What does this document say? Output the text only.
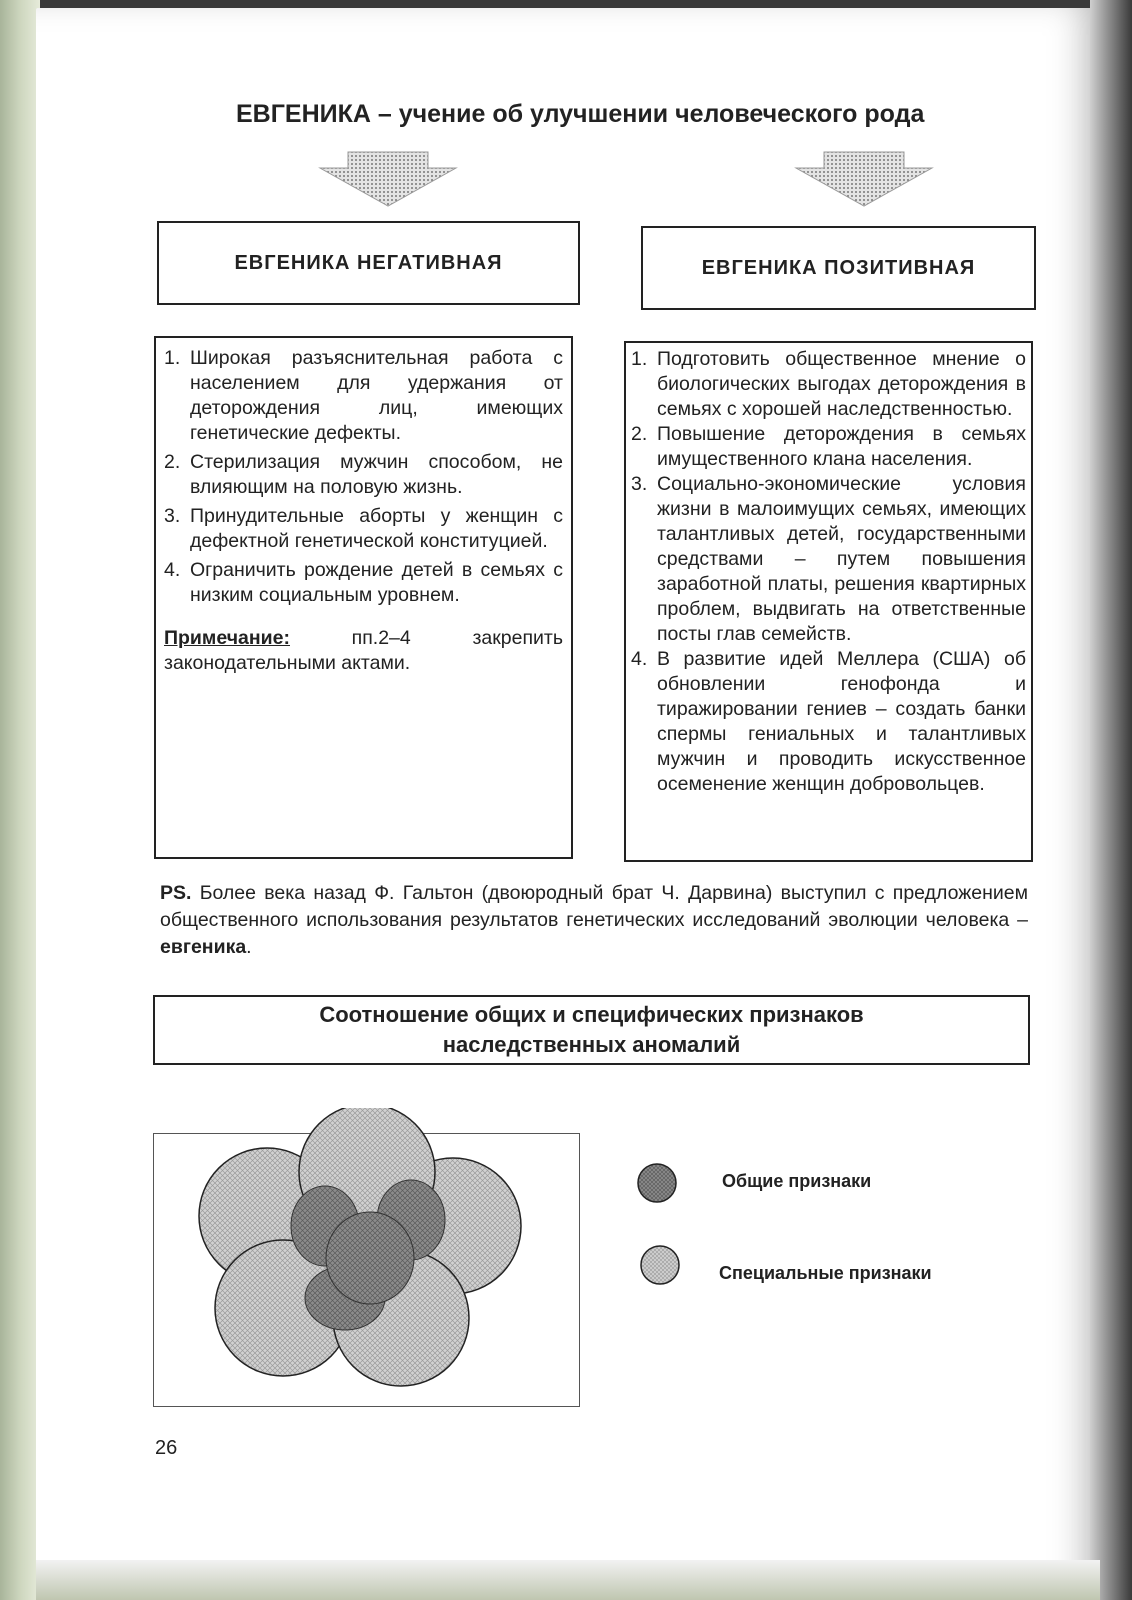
ЕВГЕНИКА – учение об улучшении человеческого рода
ЕВГЕНИКА НЕГАТИВНАЯ	ЕВГЕНИКА ПОЗИТИВНАЯ
1. Широкая разъяснительная работа с населением для удержания от деторождения лиц, имеющих генетические дефекты.
2. Стерилизация мужчин способом, не влияющим на половую жизнь.
3. Принудительные аборты у женщин с дефектной генетической конституцией.
4. Ограничить рождение детей в семьях с низким социальным уровнем.
Примечание: пп.2–4 закрепить законодательными актами.
1. Подготовить общественное мнение о биологических выгодах деторождения в семьях с хорошей наследственностью.
2. Повышение деторождения в семьях имущественного клана населения.
3. Социально-экономические условия жизни в малоимущих семьях, имеющих талантливых детей, государственными средствами – путем повышения заработной платы, решения квартирных проблем, выдвигать на ответственные посты глав семейств.
4. В развитие идей Меллера (США) об обновлении генофонда и тиражировании гениев – создать банки спермы гениальных и талантливых мужчин и проводить искусственное осеменение женщин добровольцев.
PS. Более века назад Ф. Гальтон (двоюродный брат Ч. Дарвина) выступил с предложением общественного использования результатов генетических исследований эволюции человека – евгеника.
Соотношение общих и специфических признаков
наследственных аномалий
Общие признаки
Специальные признаки
26
